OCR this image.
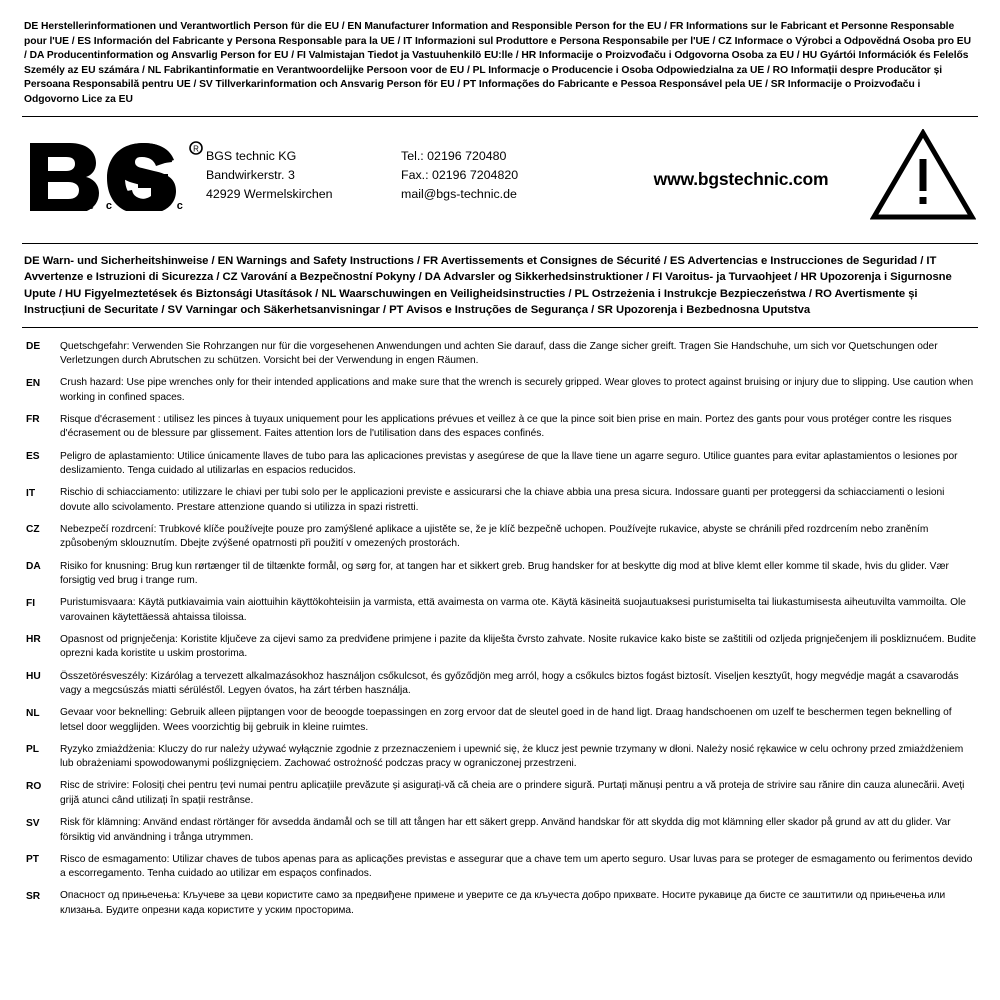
DE Herstellerinformationen und Verantwortlich Person für die EU / EN Manufacturer Information and Responsible Person for the EU / FR Informations sur le Fabricant et Personne Responsable pour l'UE / ES Información del Fabricante y Persona Responsable para la UE / IT Informazioni sul Produttore e Persona Responsabile per l'UE / CZ Informace o Výrobci a Odpovědná Osoba pro EU / DA Producentinformation og Ansvarlig Person for EU / FI Valmistajan Tiedot ja Vastuuhenkilö EU:lle / HR Informacije o Proizvođaču i Odgovorna Osoba za EU / HU Gyártói Információk és Felelős Személy az EU számára / NL Fabrikantinformatie en Verantwoordelijke Persoon voor de EU / PL Informacje o Producencie i Osoba Odpowiedzialna za UE / RO Informații despre Producător și Persoana Responsabilă pentru UE / SV Tillverkarinformation och Ansvarig Person för EU / PT Informações do Fabricante e Pessoa Responsável pela UE / SR Informacije o Proizvođaču i Odgovorno Lice za EU
R
t e c h n i c
BGS technic KG
Bandwirkerstr. 3
42929 Wermelskirchen
Tel.: 02196 720480
Fax.: 02196 7204820
mail@bgs-technic.de
www.bgstechnic.com
DE Warn- und Sicherheitshinweise / EN Warnings and Safety Instructions / FR Avertissements et Consignes de Sécurité / ES Advertencias e Instrucciones de Seguridad / IT Avvertenze e Istruzioni di Sicurezza / CZ Varování a Bezpečnostní Pokyny / DA Advarsler og Sikkerhedsinstruktioner / FI Varoitus- ja Turvaohjeet / HR Upozorenja i Sigurnosne Upute / HU Figyelmeztetések és Biztonsági Utasítások / NL Waarschuwingen en Veiligheidsinstructies / PL Ostrzeżenia i Instrukcje Bezpieczeństwa / RO Avertismente și Instrucțiuni de Securitate / SV Varningar och Säkerhetsanvisningar / PT Avisos e Instruções de Segurança / SR Upozorenja i Bezbednosna Uputstva
DE	Quetschgefahr: Verwenden Sie Rohrzangen nur für die vorgesehenen Anwendungen und achten Sie darauf, dass die Zange sicher greift. Tragen Sie Handschuhe, um sich vor Quetschungen oder Verletzungen durch Abrutschen zu schützen. Vorsicht bei der Verwendung in engen Räumen.
EN	Crush hazard: Use pipe wrenches only for their intended applications and make sure that the wrench is securely gripped. Wear gloves to protect against bruising or injury due to slipping. Use caution when working in confined spaces.
FR	Risque d'écrasement : utilisez les pinces à tuyaux uniquement pour les applications prévues et veillez à ce que la pince soit bien prise en main. Portez des gants pour vous protéger contre les risques d'écrasement ou de blessure par glissement. Faites attention lors de l'utilisation dans des espaces confinés.
ES	Peligro de aplastamiento: Utilice únicamente llaves de tubo para las aplicaciones previstas y asegúrese de que la llave tiene un agarre seguro. Utilice guantes para evitar aplastamientos o lesiones por deslizamiento. Tenga cuidado al utilizarlas en espacios reducidos.
IT	Rischio di schiacciamento: utilizzare le chiavi per tubi solo per le applicazioni previste e assicurarsi che la chiave abbia una presa sicura. Indossare guanti per proteggersi da schiacciamenti o lesioni dovute allo scivolamento. Prestare attenzione quando si utilizza in spazi ristretti.
CZ	Nebezpečí rozdrcení: Trubkové klíče používejte pouze pro zamýšlené aplikace a ujistěte se, že je klíč bezpečně uchopen. Používejte rukavice, abyste se chránili před rozdrcením nebo zraněním způsobeným sklouznutím. Dbejte zvýšené opatrnosti při použití v omezených prostorách.
DA	Risiko for knusning: Brug kun rørtænger til de tiltænkte formål, og sørg for, at tangen har et sikkert greb. Brug handsker for at beskytte dig mod at blive klemt eller komme til skade, hvis du glider. Vær forsigtig ved brug i trange rum.
FI	Puristumisvaara: Käytä putkiavaimia vain aiottuihin käyttökohteisiin ja varmista, että avaimesta on varma ote. Käytä käsineitä suojautuaksesi puristumiselta tai liukastumisesta aiheutuvilta vammoilta. Ole varovainen käytettäessä ahtaissa tiloissa.
HR	Opasnost od prignječenja: Koristite ključeve za cijevi samo za predviđene primjene i pazite da kliješta čvrsto zahvate. Nosite rukavice kako biste se zaštitili od ozljeda prignječenjem ili poskliznućem. Budite oprezni kada koristite u uskim prostorima.
HU	Összetörésveszély: Kizárólag a tervezett alkalmazásokhoz használjon csőkulcsot, és győződjön meg arról, hogy a csőkulcs biztos fogást biztosít. Viseljen kesztyűt, hogy megvédje magát a csavarodás vagy a megcsúszás miatti sérüléstől. Legyen óvatos, ha zárt térben használja.
NL	Gevaar voor beknelling: Gebruik alleen pijptangen voor de beoogde toepassingen en zorg ervoor dat de sleutel goed in de hand ligt. Draag handschoenen om uzelf te beschermen tegen beknelling of letsel door wegglijden. Wees voorzichtig bij gebruik in kleine ruimtes.
PL	Ryzyko zmiażdżenia: Kluczy do rur należy używać wyłącznie zgodnie z przeznaczeniem i upewnić się, że klucz jest pewnie trzymany w dłoni. Należy nosić rękawice w celu ochrony przed zmiażdżeniem lub obrażeniami spowodowanymi poślizgnięciem. Zachować ostrożność podczas pracy w ograniczonej przestrzeni.
RO	Risc de strivire: Folosiți chei pentru țevi numai pentru aplicațiile prevăzute și asigurați-vă că cheia are o prindere sigură. Purtați mănuși pentru a vă proteja de strivire sau rănire din cauza alunecării. Aveți grijă atunci când utilizați în spații restrânse.
SV	Risk för klämning: Använd endast rörtänger för avsedda ändamål och se till att tången har ett säkert grepp. Använd handskar för att skydda dig mot klämning eller skador på grund av att du glider. Var försiktig vid användning i trånga utrymmen.
PT	Risco de esmagamento: Utilizar chaves de tubos apenas para as aplicações previstas e assegurar que a chave tem um aperto seguro. Usar luvas para se proteger de esmagamento ou ferimentos devido a escorregamento. Tenha cuidado ao utilizar em espaços confinados.
SR	Опасност од прињечења: Кључеве за цеви користите само за предвиђене примене и уверите се да кључеста добро прихвате. Носите рукавице да бисте се заштитили од прињечења или клизања. Будите опрезни када користите у уским просторима.
